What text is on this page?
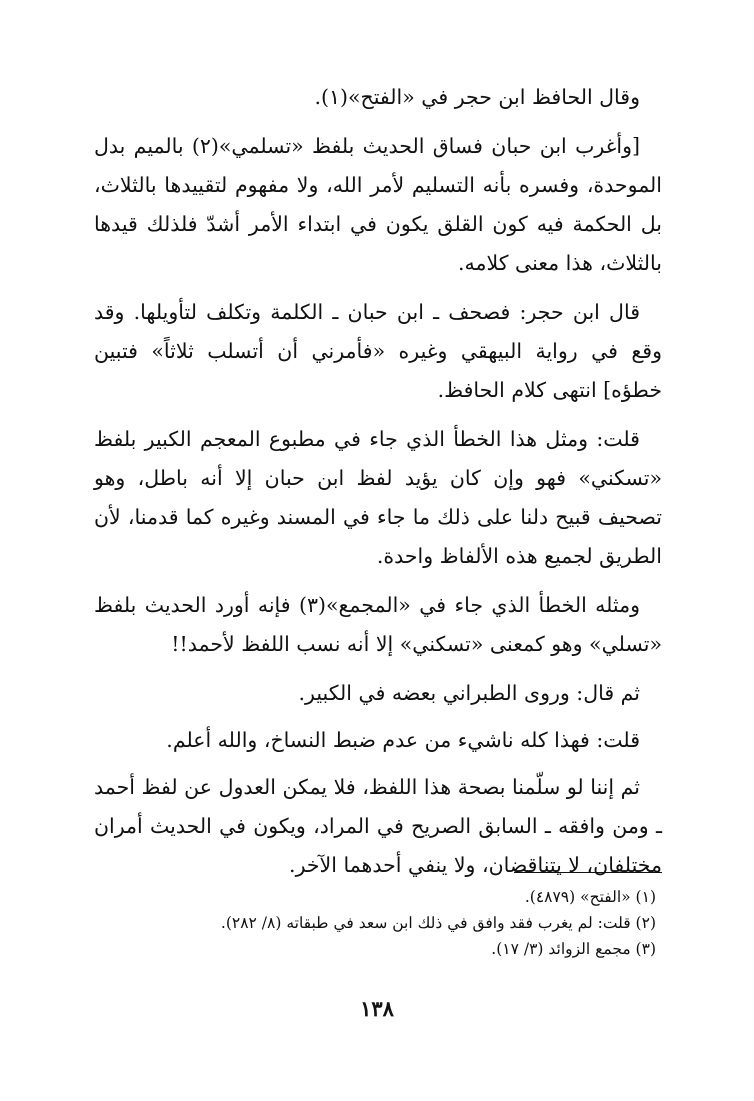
وقال الحافظ ابن حجر في «الفتح»(١).

[وأغرب ابن حبان فساق الحديث بلفظ «تسلمي»(٢) بالميم بدل الموحدة، وفسره بأنه التسليم لأمر الله، ولا مفهوم لتقييدها بالثلاث، بل الحكمة فيه كون القلق يكون في ابتداء الأمر أشدّ فلذلك قيدها بالثلاث، هذا معنى كلامه.

قال ابن حجر: فصحف ـ ابن حبان ـ الكلمة وتكلف لتأويلها. وقد وقع في رواية البيهقي وغيره «فأمرني أن أتسلب ثلاثاً» فتبين خطؤه] انتهى كلام الحافظ.

قلت: ومثل هذا الخطأ الذي جاء في مطبوع المعجم الكبير بلفظ «تسكني» فهو وإن كان يؤيد لفظ ابن حبان إلا أنه باطل، وهو تصحيف قبيح دلنا على ذلك ما جاء في المسند وغيره كما قدمنا، لأن الطريق لجميع هذه الألفاظ واحدة.

ومثله الخطأ الذي جاء في «المجمع»(٣) فإنه أورد الحديث بلفظ «تسلي» وهو كمعنى «تسكني» إلا أنه نسب اللفظ لأحمد!!

ثم قال: وروى الطبراني بعضه في الكبير.

قلت: فهذا كله ناشيء من عدم ضبط النساخ، والله أعلم.

ثم إننا لو سلّمنا بصحة هذا اللفظ، فلا يمكن العدول عن لفظ أحمد ـ ومن وافقه ـ السابق الصريح في المراد، ويكون في الحديث أمران مختلفان، لا يتناقضان، ولا ينفي أحدهما الآخر.

(١) «الفتح» (٤٨٧٩).

(٢) قلت: لم يغرب فقد وافق في ذلك ابن سعد في طبقاته (٨/ ٢٨٢).

(٣) مجمع الزوائد (٣/ ١٧).

١٣٨
